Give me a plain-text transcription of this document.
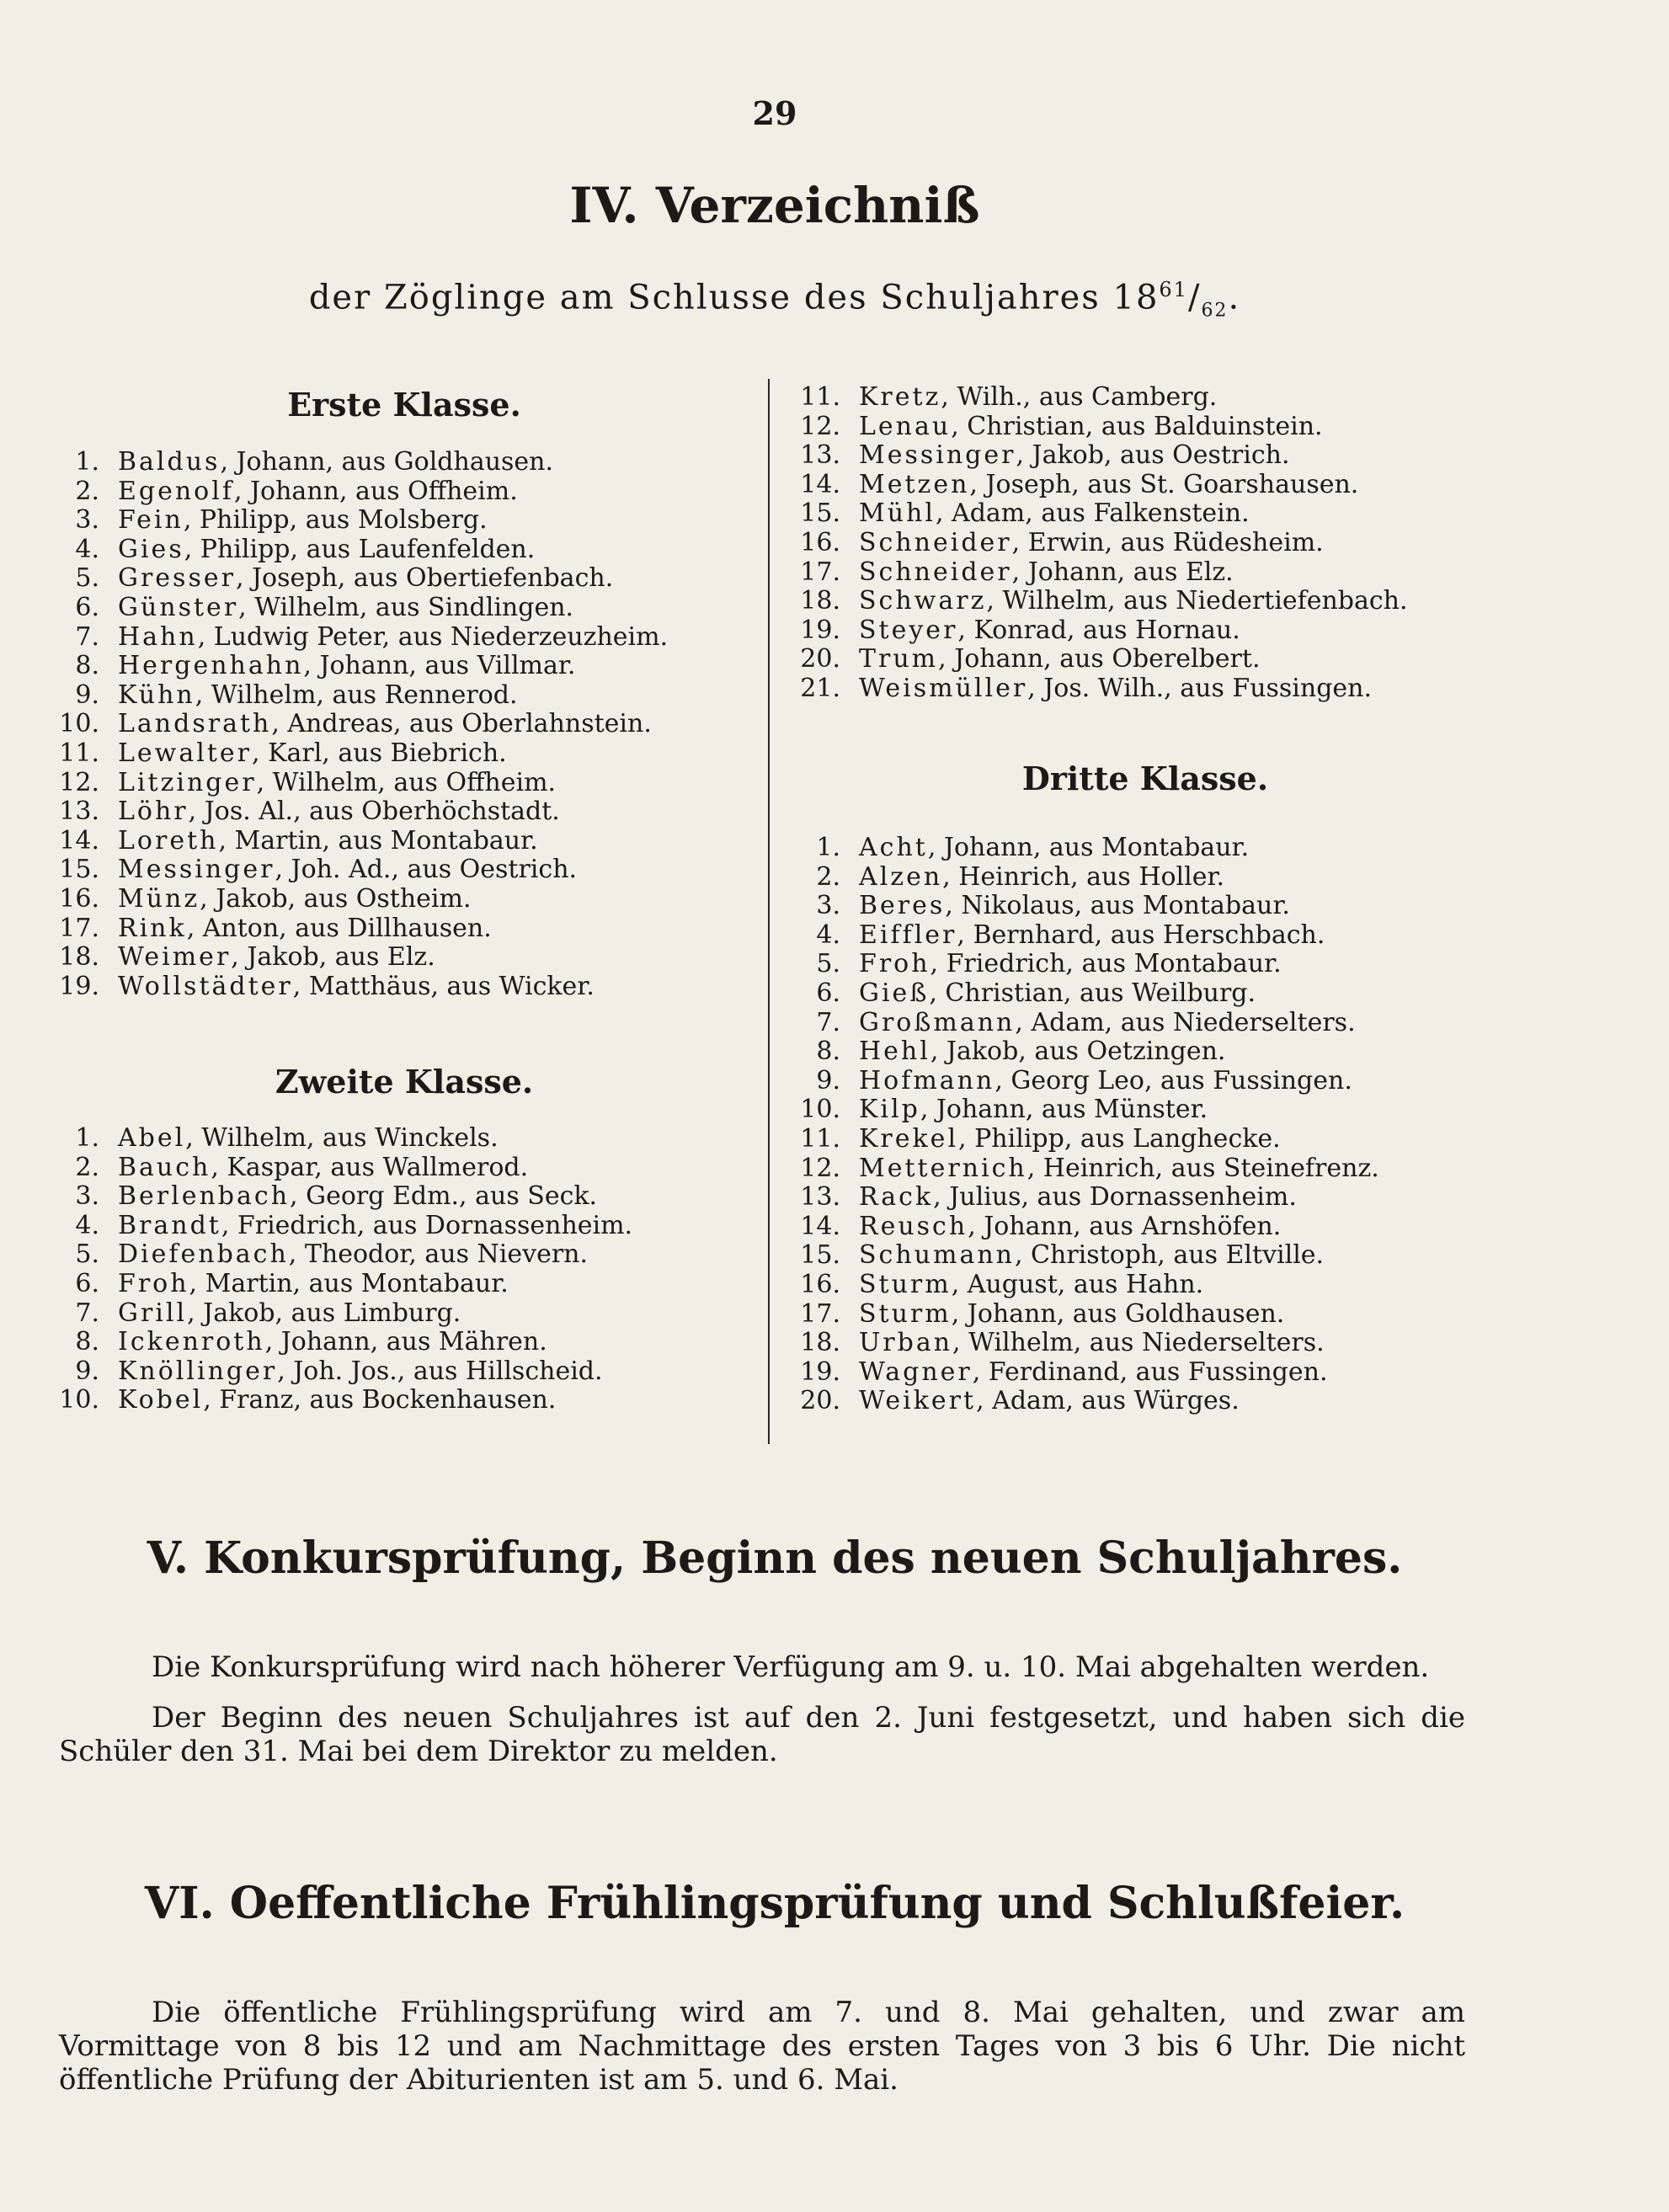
29
IV. Verzeichniß
der Zöglinge am Schlusse des Schuljahres $18^{61}/_{62}$.
Erste Klasse.
1. Baldus, Johann, aus Goldhausen.
2. Egenolf, Johann, aus Offheim.
3. Fein, Philipp, aus Molsberg.
4. Gies, Philipp, aus Laufenfelden.
5. Gresser, Joseph, aus Obertiefenbach.
6. Günster, Wilhelm, aus Sindlingen.
7. Hahn, Ludwig Peter, aus Niederzeuzheim.
8. Hergenhahn, Johann, aus Villmar.
9. Kühn, Wilhelm, aus Rennerod.
10. Landsrath, Andreas, aus Oberlahnstein.
11. Lewalter, Karl, aus Biebrich.
12. Litzinger, Wilhelm, aus Offheim.
13. Löhr, Jos. Al., aus Oberhöchstadt.
14. Loreth, Martin, aus Montabaur.
15. Messinger, Joh. Ad., aus Oestrich.
16. Münz, Jakob, aus Ostheim.
17. Rink, Anton, aus Dillhausen.
18. Weimer, Jakob, aus Elz.
19. Wollstädter, Matthäus, aus Wicker.
Zweite Klasse.
1. Abel, Wilhelm, aus Winckels.
2. Bauch, Kaspar, aus Wallmerod.
3. Berlenbach, Georg Edm., aus Seck.
4. Brandt, Friedrich, aus Dornassenheim.
5. Diefenbach, Theodor, aus Nievern.
6. Froh, Martin, aus Montabaur.
7. Grill, Jakob, aus Limburg.
8. Ickenroth, Johann, aus Mähren.
9. Knöllinger, Joh. Jos., aus Hillscheid.
10. Kobel, Franz, aus Bockenhausen.
11. Kretz, Wilh., aus Camberg.
12. Lenau, Christian, aus Balduinstein.
13. Messinger, Jakob, aus Oestrich.
14. Metzen, Joseph, aus St. Goarshausen.
15. Mühl, Adam, aus Falkenstein.
16. Schneider, Erwin, aus Rüdesheim.
17. Schneider, Johann, aus Elz.
18. Schwarz, Wilhelm, aus Niedertiefenbach.
19. Steyer, Konrad, aus Hornau.
20. Trum, Johann, aus Oberelbert.
21. Weismüller, Jos. Wilh., aus Fussingen.
Dritte Klasse.
1. Acht, Johann, aus Montabaur.
2. Alzen, Heinrich, aus Holler.
3. Beres, Nikolaus, aus Montabaur.
4. Eiffler, Bernhard, aus Herschbach.
5. Froh, Friedrich, aus Montabaur.
6. Gieß, Christian, aus Weilburg.
7. Großmann, Adam, aus Niederselters.
8. Hehl, Jakob, aus Oetzingen.
9. Hofmann, Georg Leo, aus Fussingen.
10. Kilp, Johann, aus Münster.
11. Krekel, Philipp, aus Langhecke.
12. Metternich, Heinrich, aus Steinefrenz.
13. Rack, Julius, aus Dornassenheim.
14. Reusch, Johann, aus Arnshöfen.
15. Schumann, Christoph, aus Eltville.
16. Sturm, August, aus Hahn.
17. Sturm, Johann, aus Goldhausen.
18. Urban, Wilhelm, aus Niederselters.
19. Wagner, Ferdinand, aus Fussingen.
20. Weikert, Adam, aus Würges.
V. Konkursprüfung, Beginn des neuen Schuljahres.
Die Konkursprüfung wird nach höherer Verfügung am 9. u. 10. Mai abgehalten werden.
Der Beginn des neuen Schuljahres ist auf den 2. Juni festgesetzt, und haben sich die Schüler den 31. Mai bei dem Direktor zu melden.
VI. Oeffentliche Frühlingsprüfung und Schlußfeier.
Die öffentliche Frühlingsprüfung wird am 7. und 8. Mai gehalten, und zwar am Vormittage von 8 bis 12 und am Nachmittage des ersten Tages von 3 bis 6 Uhr. Die nicht öffentliche Prüfung der Abiturienten ist am 5. und 6. Mai.
